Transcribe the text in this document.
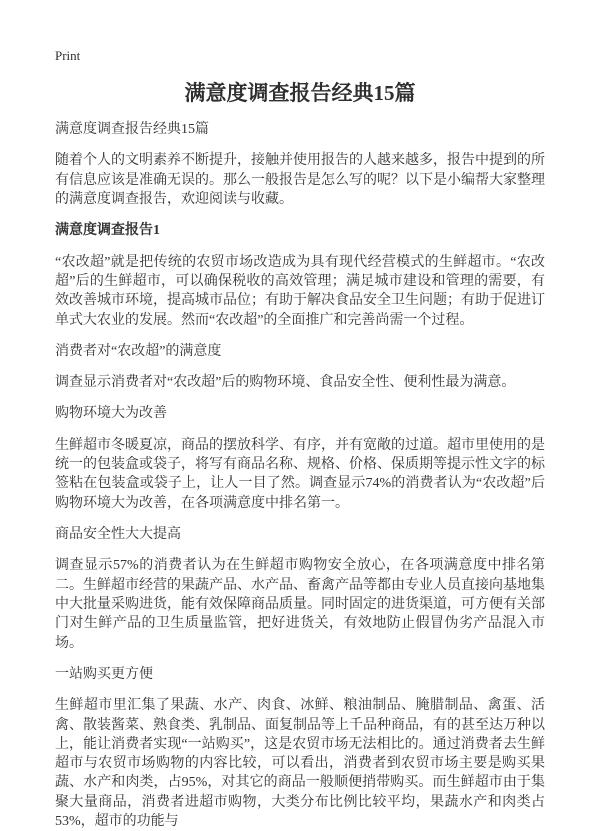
Print
满意度调查报告经典15篇

满意度调查报告经典15篇

随着个人的文明素养不断提升，接触并使用报告的人越来越多，报告中提到的所有信息应该是准确无误的。那么一般报告是怎么写的呢？以下是小编帮大家整理的满意度调查报告，欢迎阅读与收藏。

满意度调查报告1

“农改超”就是把传统的农贸市场改造成为具有现代经营模式的生鲜超市。“农改超”后的生鲜超市，可以确保税收的高效管理；满足城市建设和管理的需要，有效改善城市环境，提高城市品位；有助于解决食品安全卫生问题；有助于促进订单式大农业的发展。然而“农改超”的全面推广和完善尚需一个过程。

消费者对“农改超”的满意度

调查显示消费者对“农改超”后的购物环境、食品安全性、便利性最为满意。

购物环境大为改善

生鲜超市冬暖夏凉，商品的摆放科学、有序，并有宽敞的过道。超市里使用的是统一的包装盒或袋子，将写有商品名称、规格、价格、保质期等提示性文字的标签粘在包装盒或袋子上，让人一目了然。调查显示74%的消费者认为“农改超”后购物环境大为改善，在各项满意度中排名第一。

商品安全性大大提高

调查显示57%的消费者认为在生鲜超市购物安全放心，在各项满意度中排名第二。生鲜超市经营的果蔬产品、水产品、畜禽产品等都由专业人员直接向基地集中大批量采购进货，能有效保障商品质量。同时固定的进货渠道，可方便有关部门对生鲜产品的卫生质量监管，把好进货关，有效地防止假冒伪劣产品混入市场。

一站购买更方便

生鲜超市里汇集了果蔬、水产、肉食、冰鲜、粮油制品、腌腊制品、禽蛋、活禽、散装酱菜、熟食类、乳制品、面复制品等上千品种商品，有的甚至达万种以上，能让消费者实现“一站购买”，这是农贸市场无法相比的。通过消费者去生鲜超市与农贸市场购物的内容比较，可以看出，消费者到农贸市场主要是购买果蔬、水产和肉类，占95%，对其它的商品一般顺便捎带购买。而生鲜超市由于集聚大量商品，消费者进超市购物，大类分布比例比较平均，果蔬水产和肉类占53%，超市的功能与
